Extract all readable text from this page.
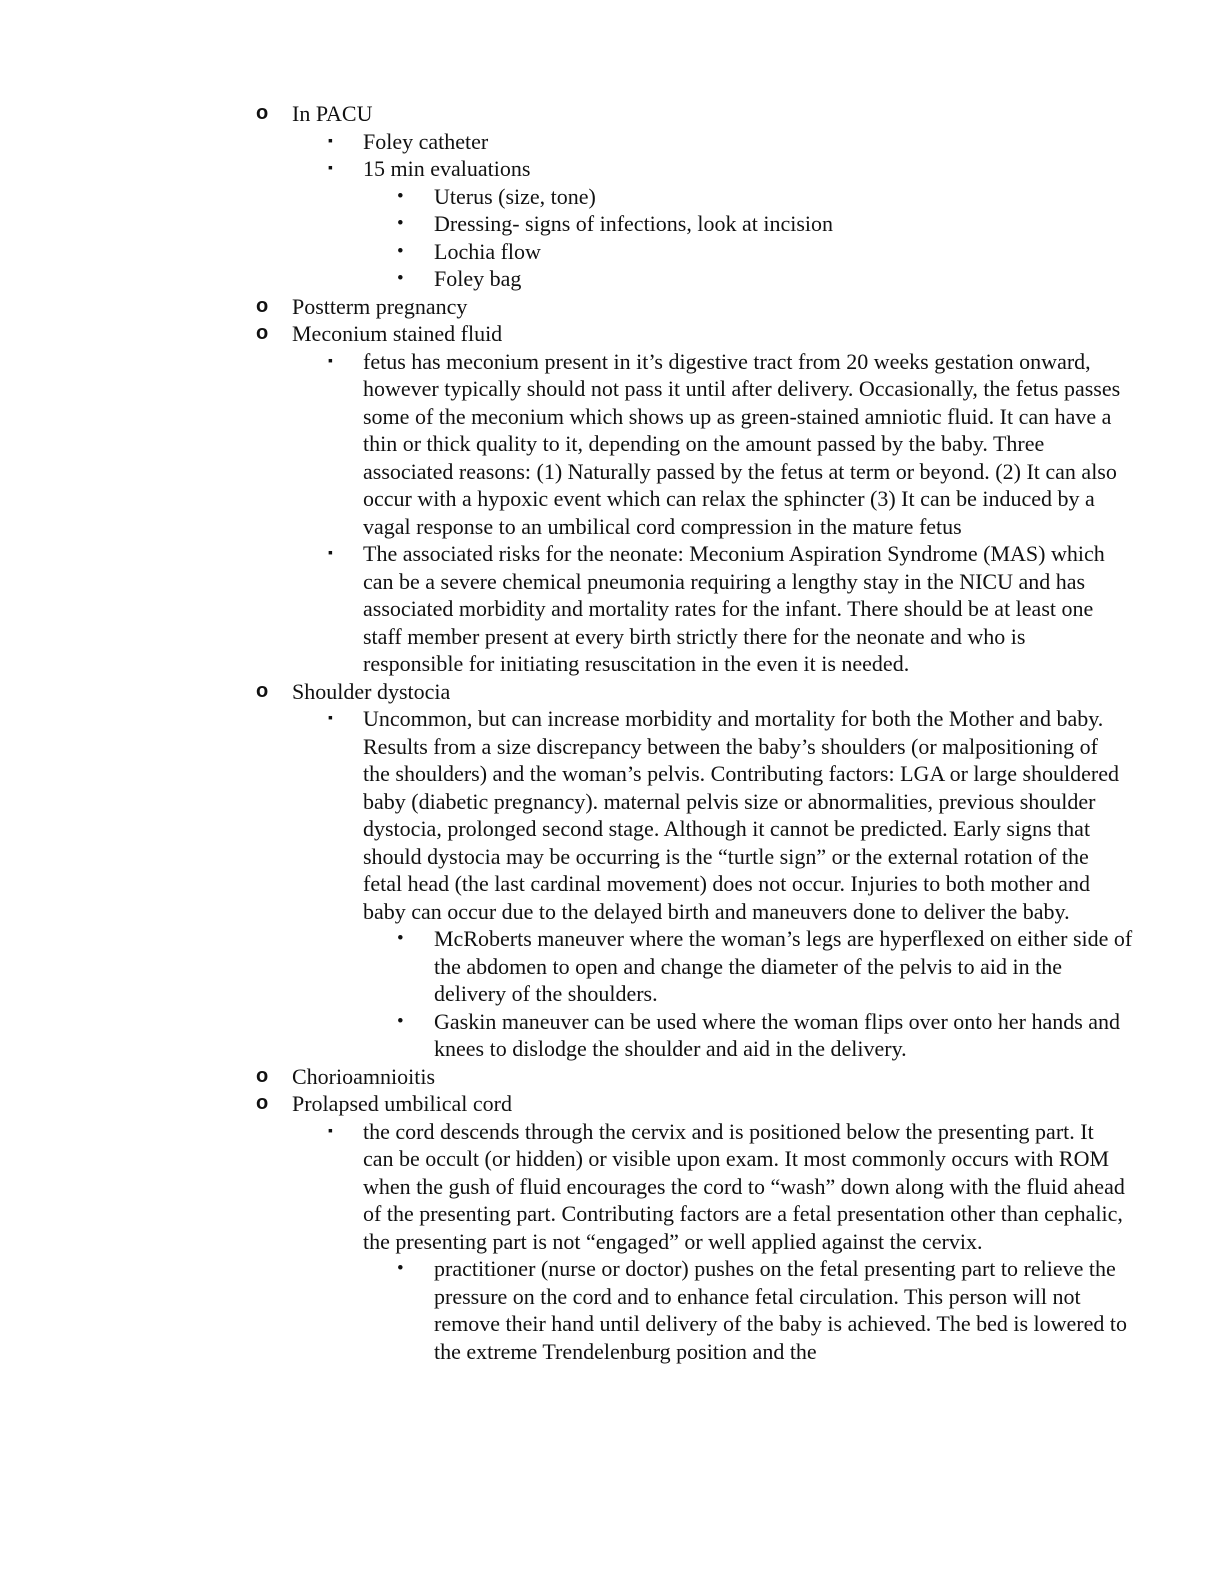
o In PACU
▪ Foley catheter
▪ 15 min evaluations
• Uterus (size, tone)
• Dressing- signs of infections, look at incision
• Lochia flow
• Foley bag
o Postterm pregnancy
o Meconium stained fluid
▪ fetus has meconium present in it’s digestive tract from 20 weeks gestation onward, however typically should not pass it until after delivery. Occasionally, the fetus passes some of the meconium which shows up as green-stained amniotic fluid. It can have a thin or thick quality to it, depending on the amount passed by the baby. Three associated reasons: (1) Naturally passed by the fetus at term or beyond. (2) It can also occur with a hypoxic event which can relax the sphincter (3) It can be induced by a vagal response to an umbilical cord compression in the mature fetus
▪ The associated risks for the neonate: Meconium Aspiration Syndrome (MAS) which can be a severe chemical pneumonia requiring a lengthy stay in the NICU and has associated morbidity and mortality rates for the infant. There should be at least one staff member present at every birth strictly there for the neonate and who is responsible for initiating resuscitation in the even it is needed.
o Shoulder dystocia
▪ Uncommon, but can increase morbidity and mortality for both the Mother and baby. Results from a size discrepancy between the baby’s shoulders (or malpositioning of the shoulders) and the woman’s pelvis. Contributing factors: LGA or large shouldered baby (diabetic pregnancy). maternal pelvis size or abnormalities, previous shoulder dystocia, prolonged second stage. Although it cannot be predicted. Early signs that should dystocia may be occurring is the “turtle sign” or the external rotation of the fetal head (the last cardinal movement) does not occur. Injuries to both mother and baby can occur due to the delayed birth and maneuvers done to deliver the baby.
• McRoberts maneuver where the woman’s legs are hyperflexed on either side of the abdomen to open and change the diameter of the pelvis to aid in the delivery of the shoulders.
• Gaskin maneuver can be used where the woman flips over onto her hands and knees to dislodge the shoulder and aid in the delivery.
o Chorioamnioitis
o Prolapsed umbilical cord
▪ the cord descends through the cervix and is positioned below the presenting part. It can be occult (or hidden) or visible upon exam. It most commonly occurs with ROM when the gush of fluid encourages the cord to “wash” down along with the fluid ahead of the presenting part. Contributing factors are a fetal presentation other than cephalic, the presenting part is not “engaged” or well applied against the cervix.
• practitioner (nurse or doctor) pushes on the fetal presenting part to relieve the pressure on the cord and to enhance fetal circulation. This person will not remove their hand until delivery of the baby is achieved. The bed is lowered to the extreme Trendelenburg position and the
